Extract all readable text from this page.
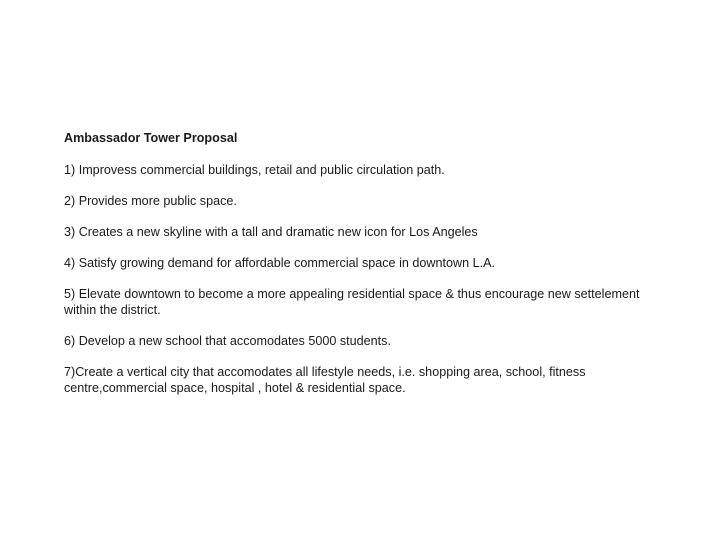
Ambassador Tower Proposal

1) Improvess commercial buildings, retail and public circulation path.

2) Provides more public space.

3) Creates a new skyline with a tall and dramatic new icon for Los Angeles

4) Satisfy growing demand for affordable commercial space in downtown L.A.

5) Elevate downtown to become a more appealing residential space & thus encourage new settelement within the district.

6) Develop a new school that accomodates 5000 students.

7)Create a vertical city that accomodates all lifestyle needs, i.e. shopping area, school, fitness centre,commercial space, hospital , hotel & residential space.
